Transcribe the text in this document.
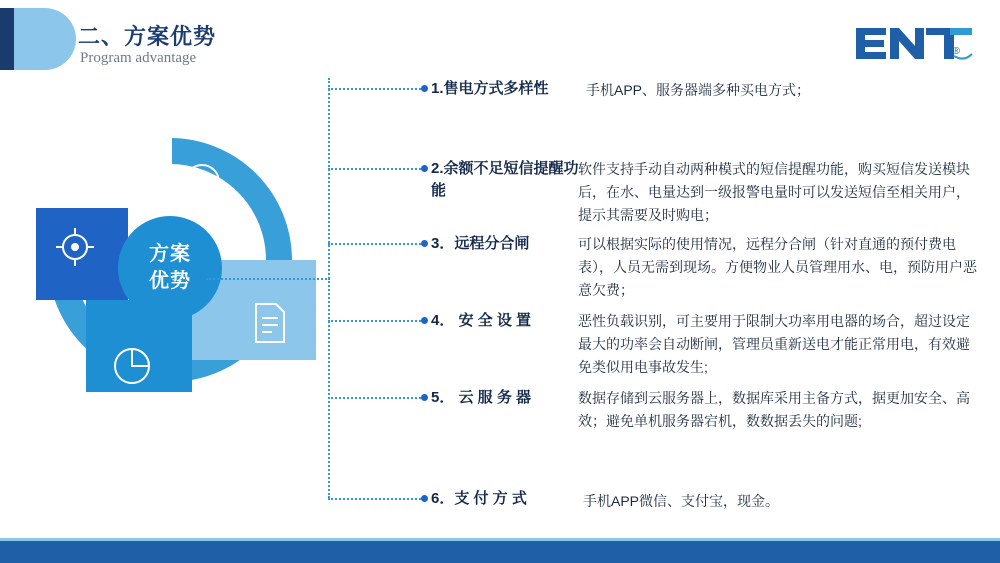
二、方案优势
Program advantage	®
方案
优势
1.售电方式多样性	手机APP、服务器端多种买电方式；
2.余额不足短信提醒功能
软件支持手动自动两种模式的短信提醒功能，购买短信发送模块后，在水、电量达到一级报警电量时可以发送短信至相关用户，提示其需要及时购电；
3．远程分合闸	可以根据实际的使用情况，远程分合闸（针对直通的预付费电表），人员无需到现场。方便物业人员管理用水、电，预防用户恶意欠费；
4． 安 全 设 置	恶性负载识别，可主要用于限制大功率用电器的场合，超过设定最大的功率会自动断闸，管理员重新送电才能正常用电，有效避免类似用电事故发生;
5． 云 服 务 器	数据存储到云服务器上，数据库采用主备方式，据更加安全、高效；避免单机服务器宕机，数数据丢失的问题;
6．支 付 方 式	手机APP微信、支付宝，现金。
